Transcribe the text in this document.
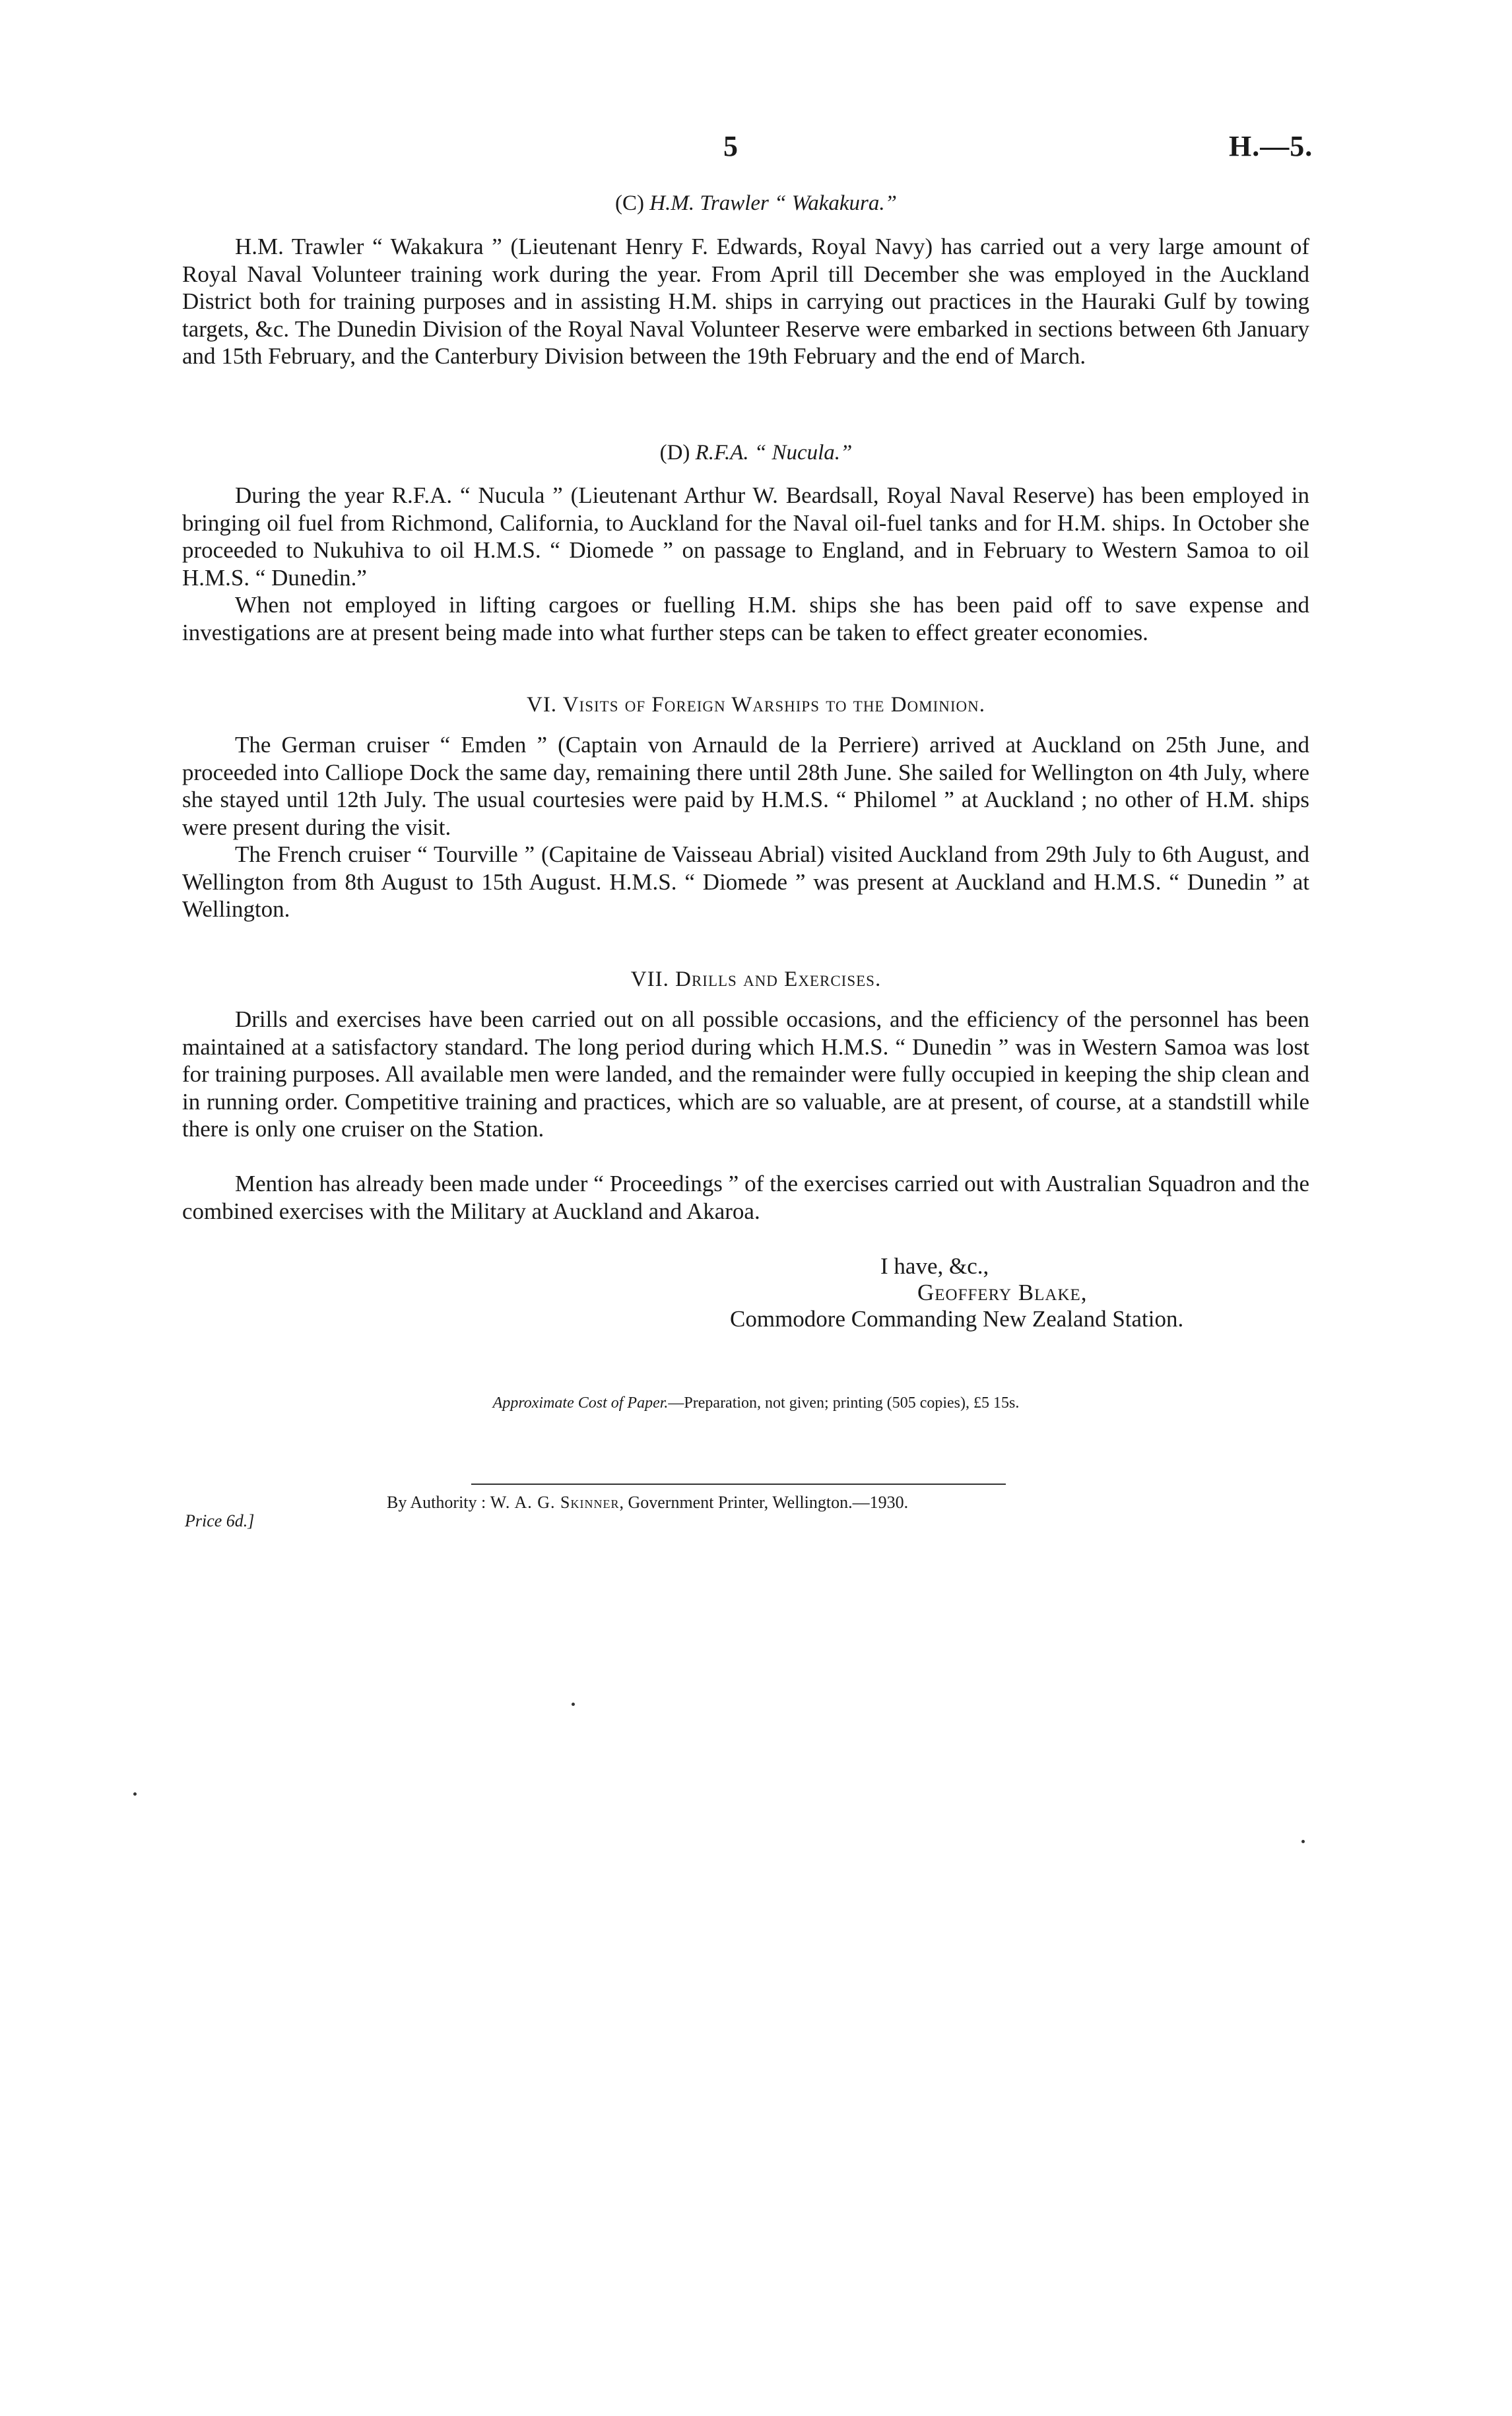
5	H.—5.
(C) H.M. Trawler “ Wakakura.”

H.M. Trawler “ Wakakura ” (Lieutenant Henry F. Edwards, Royal Navy) has carried out a very large amount of Royal Naval Volunteer training work during the year. From April till December she was employed in the Auckland District both for training purposes and in assisting H.M. ships in carrying out practices in the Hauraki Gulf by towing targets, &c. The Dunedin Division of the Royal Naval Volunteer Reserve were embarked in sections between 6th January and 15th February, and the Canterbury Division between the 19th February and the end of March.

(D) R.F.A. “ Nucula.”

During the year R.F.A. “ Nucula ” (Lieutenant Arthur W. Beardsall, Royal Naval Reserve) has been employed in bringing oil fuel from Richmond, California, to Auckland for the Naval oil-fuel tanks and for H.M. ships. In October she proceeded to Nukuhiva to oil H.M.S. “ Diomede ” on passage to England, and in February to Western Samoa to oil H.M.S. “ Dunedin.”

When not employed in lifting cargoes or fuelling H.M. ships she has been paid off to save expense and investigations are at present being made into what further steps can be taken to effect greater economies.

VI. Visits of Foreign Warships to the Dominion.

The German cruiser “ Emden ” (Captain von Arnauld de la Perriere) arrived at Auckland on 25th June, and proceeded into Calliope Dock the same day, remaining there until 28th June. She sailed for Wellington on 4th July, where she stayed until 12th July. The usual courtesies were paid by H.M.S. “ Philomel ” at Auckland ; no other of H.M. ships were present during the visit.

The French cruiser “ Tourville ” (Capitaine de Vaisseau Abrial) visited Auckland from 29th July to 6th August, and Wellington from 8th August to 15th August. H.M.S. “ Diomede ” was present at Auckland and H.M.S. “ Dunedin ” at Wellington.

VII. Drills and Exercises.

Drills and exercises have been carried out on all possible occasions, and the efficiency of the personnel has been maintained at a satisfactory standard. The long period during which H.M.S. “ Dunedin ” was in Western Samoa was lost for training purposes. All available men were landed, and the remainder were fully occupied in keeping the ship clean and in running order. Competitive training and practices, which are so valuable, are at present, of course, at a standstill while there is only one cruiser on the Station.

Mention has already been made under “ Proceedings ” of the exercises carried out with Australian Squadron and the combined exercises with the Military at Auckland and Akaroa.

I have, &c.,
Geoffery Blake,
Commodore Commanding New Zealand Station.
Approximate Cost of Paper.—Preparation, not given; printing (505 copies), £5 15s.
By Authority : W. A. G. Skinner, Government Printer, Wellington.—1930.
Price 6d.]
